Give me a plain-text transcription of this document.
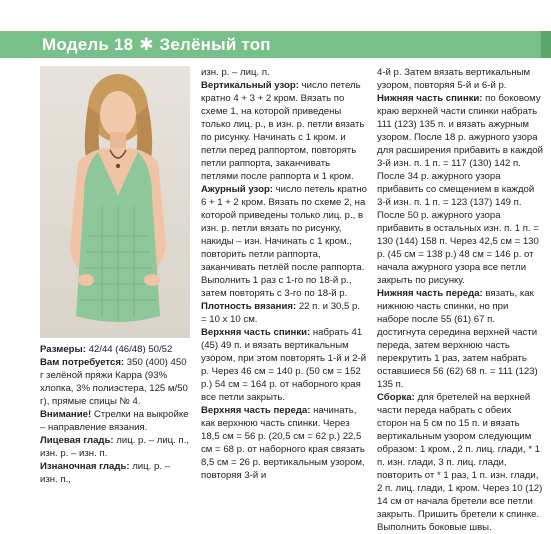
Модель 18 ✱ Зелёный топ

Размеры: 42/44 (46/48) 50/52

Вам потребуется: 350 (400) 450 г зелёной пряжи Карра (93% хлопка, 3% полиэстера, 125 м/50 г), прямые спицы № 4.

Внимание! Стрелки на выкройке – направление вязания.

Лицевая гладь: лиц. р. – лиц. п., изн. р. – изн. п.

Изнаночная гладь: лиц. р. – изн. п.,

изн. р. – лиц. п.

Вертикальный узор: число петель кратно 4 + 3 + 2 кром. Вязать по схеме 1, на которой приведены только лиц. р., в изн. р. петли вязать по рисунку. Начинать с 1 кром. и петли перед раппортом, повторять петли раппорта, заканчивать петлями после раппорта и 1 кром.

Ажурный узор: число петель кратно 6 + 1 + 2 кром. Вязать по схеме 2, на которой приведены только лиц. р., в изн. р. петли вязать по рисунку, накиды – изн. Начинать с 1 кром., повторить петли раппорта, заканчивать петлёй после раппорта. Выполнить 1 раз с 1-го по 18-й р., затем повторять с 3-го по 18-й р.

Плотность вязания: 22 п. и 30,5 р. = 10 х 10 см.

Верхняя часть спинки: набрать 41 (45) 49 п. и вязать вертикальным узором, при этом повторять 1-й и 2-й р. Через 46 см = 140 р. (50 см = 152 р.) 54 см = 164 р. от наборного края все петли закрыть.

Верхняя часть переда: начинать, как верхнюю часть спинки. Через 18,5 см = 56 р. (20,5 см = 62 р.) 22,5 см = 68 р. от наборного края связать 8,5 см = 26 р. вертикальным узором, повторяя 3-й и

4-й р. Затем вязать вертикальным узором, повторяя 5-й и 6-й р.

Нижняя часть спинки: по боковому краю верхней части спинки набрать 111 (123) 135 п. и вязать ажурным узором. После 18 р. ажурного узора для расширения прибавить в каждой 3-й изн. п. 1 п. = 117 (130) 142 п. После 34 р. ажурного узора прибавить со смещением в каждой 3-й изн. п. 1 п. = 123 (137) 149 п. После 50 р. ажурного узора прибавить в остальных изн. п. 1 п. = 130 (144) 158 п. Через 42,5 см = 130 р. (45 см = 138 р.) 48 см = 146 р. от начала ажурного узора все петли закрыть по рисунку.

Нижняя часть переда: вязать, как нижнюю часть спинки, но при наборе после 55 (61) 67 п. достигнута середина верхней части переда, затем верхнюю часть перекрутить 1 раз, затем набрать оставшиеся 56 (62) 68 п. = 111 (123) 135 п.

Сборка: для бретелей на верхней части переда набрать с обеих сторон на 5 см по 15 п. и вязать вертикальным узором следующим образом: 1 кром., 2 п. лиц. глади, * 1 п. изн. глади, 3 п. лиц. глади, повторить от * 1 раз, 1 п. изн. глади, 2 п. лиц. глади, 1 кром. Через 10 (12) 14 см от начала бретели все петли закрыть. Пришить бретели к спинке. Выполнить боковые швы.
